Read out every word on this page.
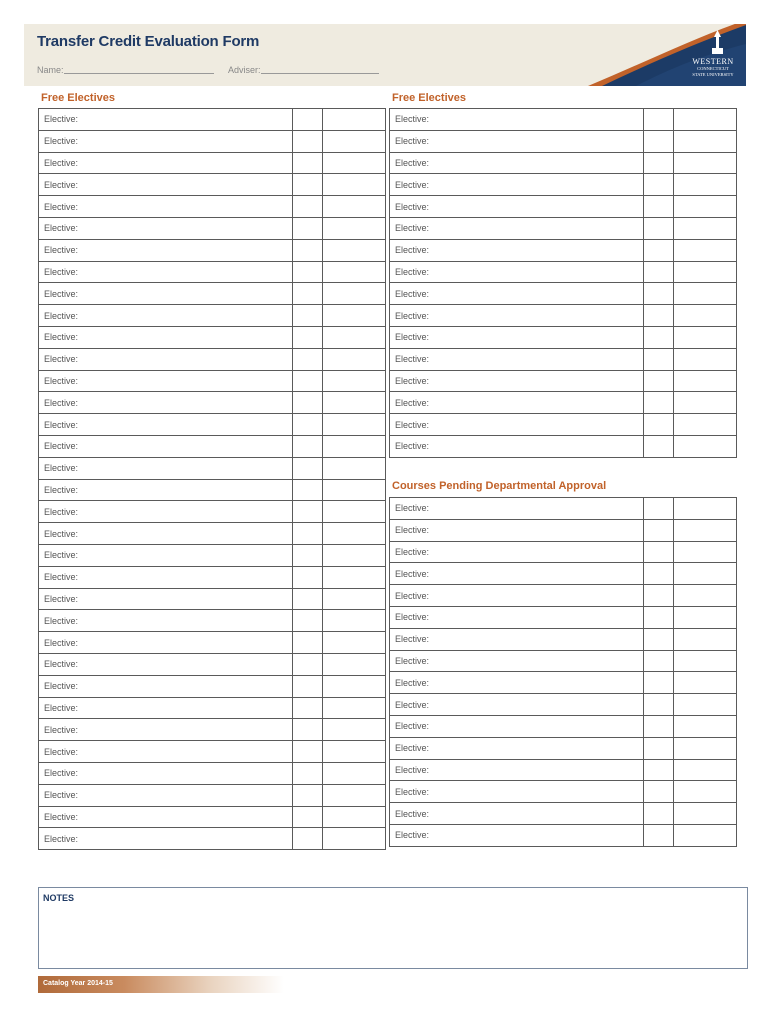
Transfer Credit Evaluation Form
Name:	Adviser:
WESTERN
CONNECTICUT
STATE UNIVERSITY
Free Electives	Free Electives
Courses Pending Departmental Approval
Elective:		
Elective:		
Elective:		
Elective:		
Elective:		
Elective:		
Elective:		
Elective:		
Elective:		
Elective:		
Elective:		
Elective:		
Elective:		
Elective:		
Elective:		
Elective:		
Elective:		
Elective:		
Elective:		
Elective:		
Elective:		
Elective:		
Elective:		
Elective:		
Elective:		
Elective:		
Elective:		
Elective:		
Elective:		
Elective:		
Elective:		
Elective:		
Elective:		
Elective:		
Elective:		
Elective:		
Elective:		
Elective:		
Elective:		
Elective:		
Elective:		
Elective:		
Elective:		
Elective:		
Elective:		
Elective:		
Elective:		
Elective:		
Elective:		
Elective:		
Elective:		
Elective:		
Elective:		
Elective:		
Elective:		
Elective:		
Elective:		
Elective:		
Elective:		
Elective:		
Elective:		
Elective:		
Elective:		
Elective:		
Elective:		
Elective:		
NOTES
Catalog Year 2014-15
